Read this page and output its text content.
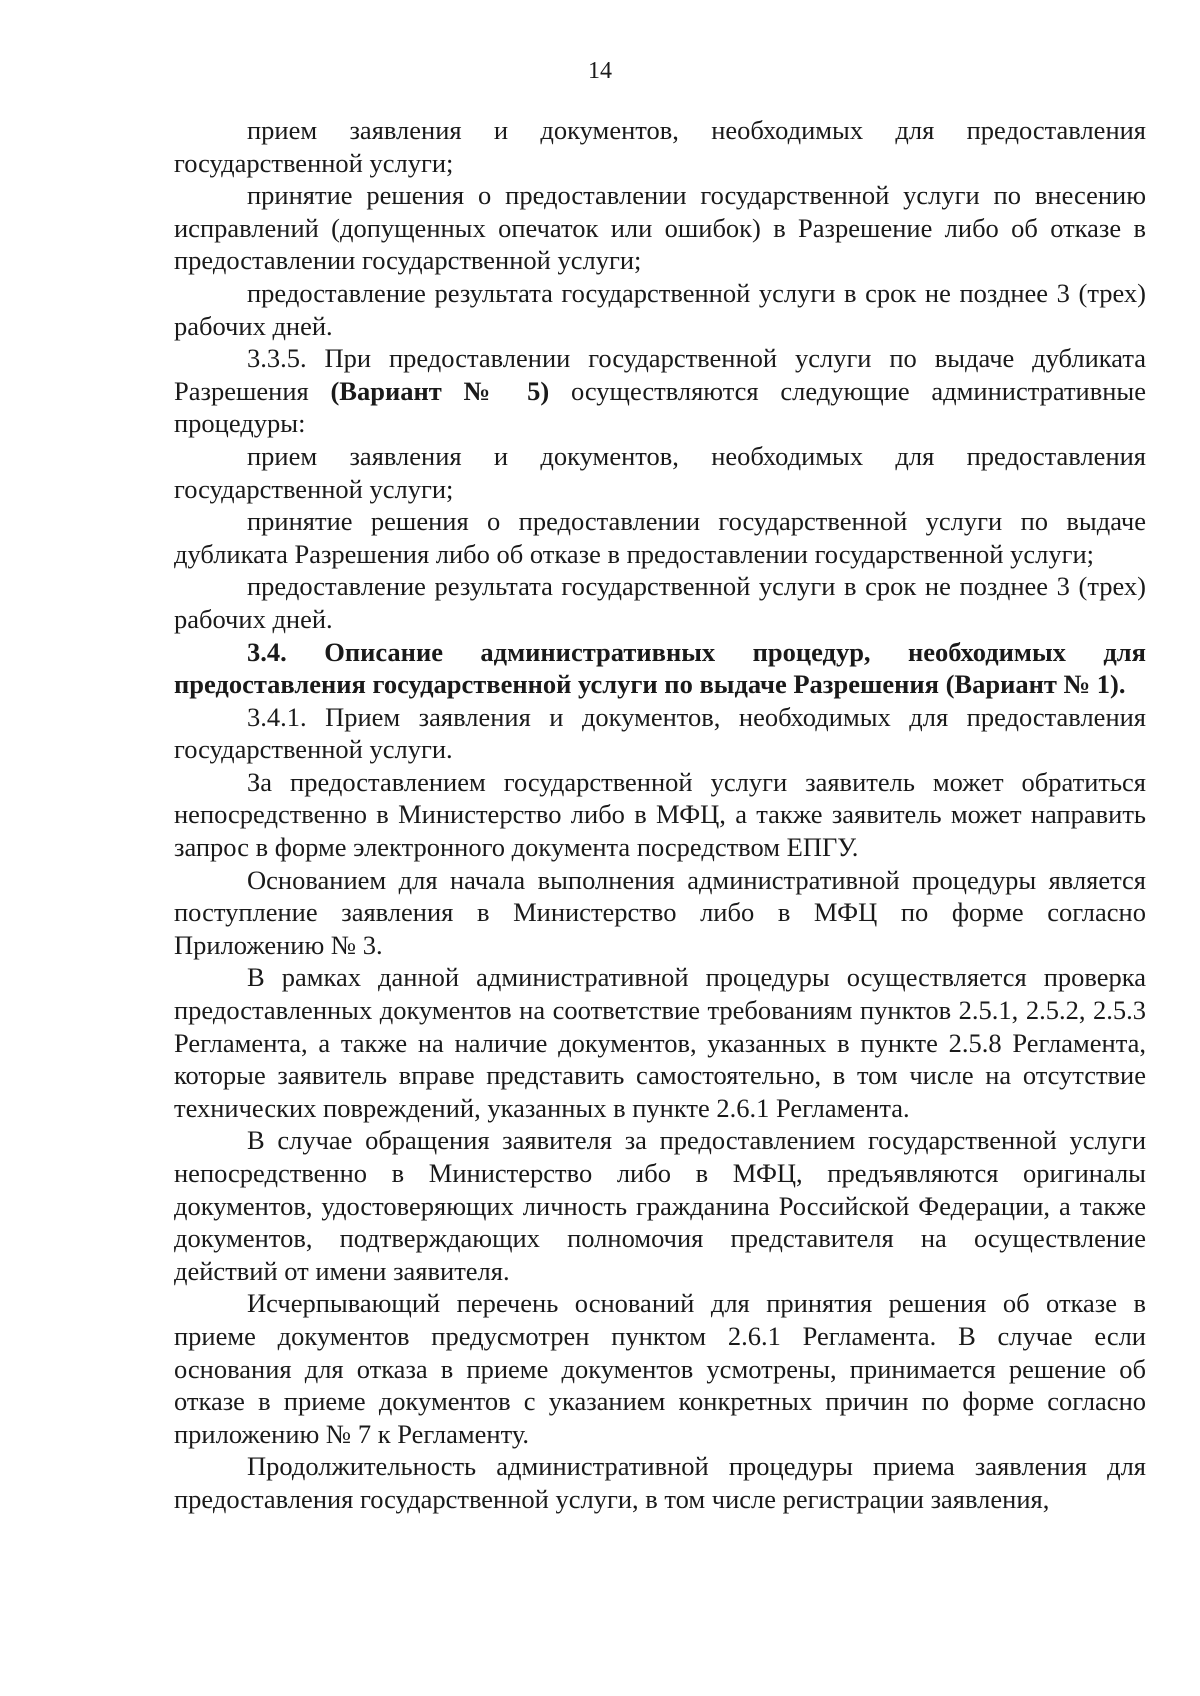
14

прием заявления и документов, необходимых для предоставления государственной услуги;

принятие решения о предоставлении государственной услуги по внесению исправлений (допущенных опечаток или ошибок) в Разрешение либо об отказе в предоставлении государственной услуги;

предоставление результата государственной услуги в срок не позднее 3 (трех) рабочих дней.

3.3.5. При предоставлении государственной услуги по выдаче дубликата Разрешения (Вариант № 5) осуществляются следующие административные процедуры:

прием заявления и документов, необходимых для предоставления государственной услуги;

принятие решения о предоставлении государственной услуги по выдаче дубликата Разрешения либо об отказе в предоставлении государственной услуги;

предоставление результата государственной услуги в срок не позднее 3 (трех) рабочих дней.

3.4. Описание административных процедур, необходимых для предоставления государственной услуги по выдаче Разрешения (Вариант № 1).

3.4.1. Прием заявления и документов, необходимых для предоставления государственной услуги.

За предоставлением государственной услуги заявитель может обратиться непосредственно в Министерство либо в МФЦ, а также заявитель может направить запрос в форме электронного документа посредством ЕПГУ.

Основанием для начала выполнения административной процедуры является поступление заявления в Министерство либо в МФЦ по форме согласно Приложению № 3.

В рамках данной административной процедуры осуществляется проверка предоставленных документов на соответствие требованиям пунктов 2.5.1, 2.5.2, 2.5.3 Регламента, а также на наличие документов, указанных в пункте 2.5.8 Регламента, которые заявитель вправе представить самостоятельно, в том числе на отсутствие технических повреждений, указанных в пункте 2.6.1 Регламента.

В случае обращения заявителя за предоставлением государственной услуги непосредственно в Министерство либо в МФЦ, предъявляются оригиналы документов, удостоверяющих личность гражданина Российской Федерации, а также документов, подтверждающих полномочия представителя на осуществление действий от имени заявителя.

Исчерпывающий перечень оснований для принятия решения об отказе в приеме документов предусмотрен пунктом 2.6.1 Регламента. В случае если основания для отказа в приеме документов усмотрены, принимается решение об отказе в приеме документов с указанием конкретных причин по форме согласно приложению № 7 к Регламенту.

Продолжительность административной процедуры приема заявления для предоставления государственной услуги, в том числе регистрации заявления,
